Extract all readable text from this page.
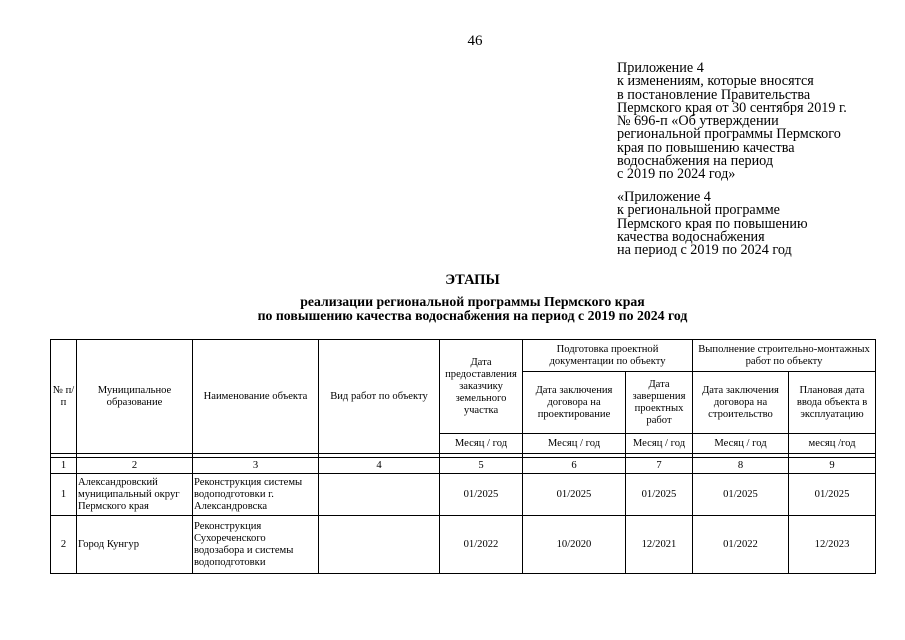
46
Приложение 4
к изменениям, которые вносятся
в постановление Правительства
Пермского края от 30 сентября 2019 г.
№ 696-п «Об утверждении
региональной программы Пермского
края по повышению качества
водоснабжения на период
с 2019 по 2024 год»
«Приложение 4
к региональной программе
Пермского края по повышению
качества водоснабжения
на период с 2019 по 2024 год
ЭТАПЫ
реализации региональной программы Пермского края
по повышению качества водоснабжения на период с 2019 по 2024 год
№ п/п	Муниципальное образование	Наименование объекта	Вид работ по объекту	Дата предоставления заказчику земельного участка	Подготовка проектной документации по объекту		Выполнение строительно-монтажных работ по объекту	
					Дата заключения договора на проектирование	Дата завершения проектных работ	Дата заключения договора на строительство	Плановая дата ввода объекта в эксплуатацию
				Месяц / год	Месяц / год	Месяц / год	Месяц / год	месяц /год

1	2	3	4	5	6	7	8	9
1	Александровский муниципальный округ Пермского края	Реконструкция системы водоподготовки г. Александровска		01/2025	01/2025	01/2025	01/2025	01/2025
2	Город Кунгур	Реконструкция Сухореченского водозабора и системы водоподготовки		01/2022	10/2020	12/2021	01/2022	12/2023
